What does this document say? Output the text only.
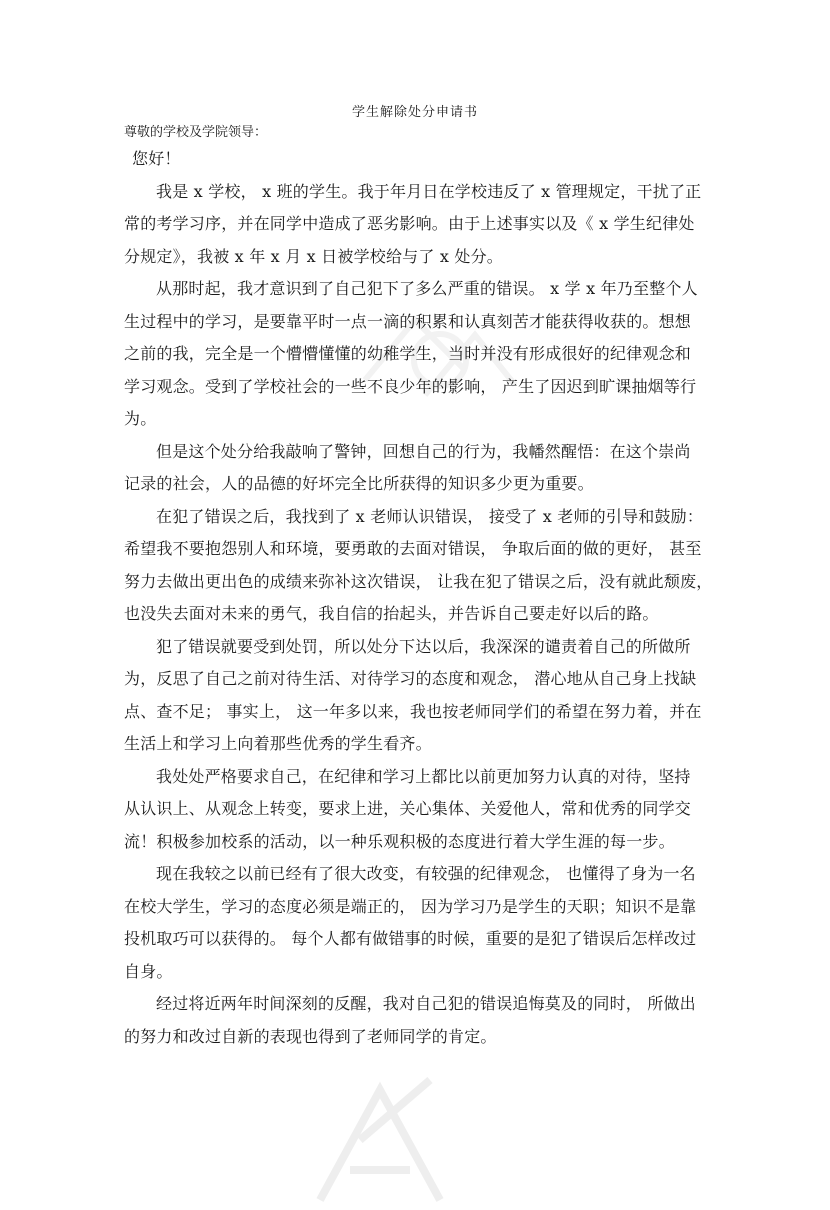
学生解除处分申请书
尊敬的学校及学院领导：
您好！
我是 x 学校， x 班的学生。我于年月日在学校违反了 x 管理规定，干扰了正
常的考学习序，并在同学中造成了恶劣影响。由于上述事实以及《 x 学生纪律处
分规定》，我被 x 年 x 月 x 日被学校给与了 x 处分。
从那时起，我才意识到了自己犯下了多么严重的错误。 x 学 x 年乃至整个人
生过程中的学习，是要靠平时一点一滴的积累和认真刻苦才能获得收获的。想想
之前的我，完全是一个懵懵懂懂的幼稚学生，当时并没有形成很好的纪律观念和
学习观念。受到了学校社会的一些不良少年的影响， 产生了因迟到旷课抽烟等行
为。
但是这个处分给我敲响了警钟，回想自己的行为，我幡然醒悟：在这个崇尚
记录的社会，人的品德的好坏完全比所获得的知识多少更为重要。
在犯了错误之后，我找到了 x 老师认识错误， 接受了 x 老师的引导和鼓励：
希望我不要抱怨别人和环境，要勇敢的去面对错误， 争取后面的做的更好， 甚至
努力去做出更出色的成绩来弥补这次错误， 让我在犯了错误之后，没有就此颓废，
也没失去面对未来的勇气，我自信的抬起头，并告诉自己要走好以后的路。
犯了错误就要受到处罚，所以处分下达以后，我深深的谴责着自己的所做所
为，反思了自己之前对待生活、对待学习的态度和观念， 潜心地从自己身上找缺
点、查不足； 事实上， 这一年多以来，我也按老师同学们的希望在努力着，并在
生活上和学习上向着那些优秀的学生看齐。
我处处严格要求自己，在纪律和学习上都比以前更加努力认真的对待，坚持
从认识上、从观念上转变，要求上进，关心集体、关爱他人，常和优秀的同学交
流！积极参加校系的活动，以一种乐观积极的态度进行着大学生涯的每一步。
现在我较之以前已经有了很大改变，有较强的纪律观念， 也懂得了身为一名
在校大学生，学习的态度必须是端正的， 因为学习乃是学生的天职；知识不是靠
投机取巧可以获得的。 每个人都有做错事的时候，重要的是犯了错误后怎样改过
自身。
经过将近两年时间深刻的反醒，我对自己犯的错误追悔莫及的同时， 所做出
的努力和改过自新的表现也得到了老师同学的肯定。
